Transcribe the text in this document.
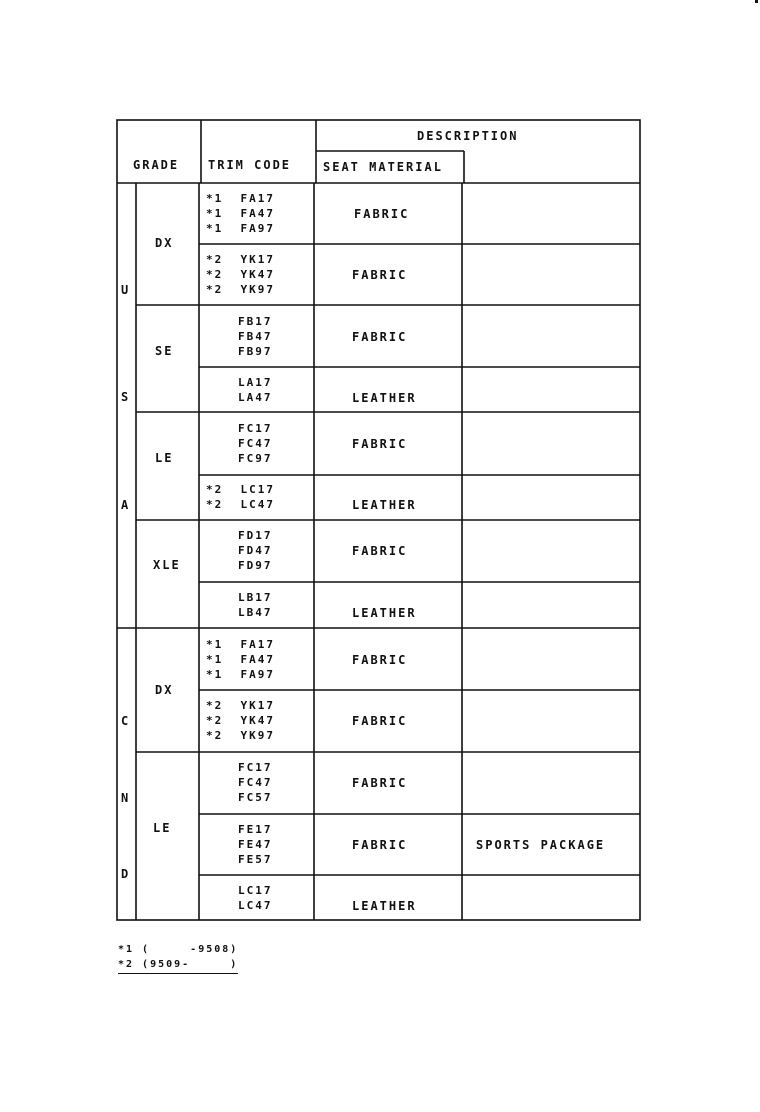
GRADE TRIM CODE
DESCRIPTION
SEAT MATERIAL
U
S
A
C
N
D
DX
SE
LE
XLE
DX
LE
*1  FA17
*1  FA47
*1  FA97
*2  YK17
*2  YK47
*2  YK97
FB17
FB47
FB97
LA17
LA47
FC17
FC47
FC97
*2  LC17
*2  LC47
FD17
FD47
FD97
LB17
LB47
*1  FA17
*1  FA47
*1  FA97
*2  YK17
*2  YK47
*2  YK97
FC17
FC47
FC57
FE17
FE47
FE57
LC17
LC47
FABRIC
FABRIC
FABRIC
LEATHER
FABRIC
LEATHER
FABRIC
LEATHER
FABRIC
FABRIC
FABRIC
FABRIC
LEATHER
SPORTS PACKAGE
*1 (     -9508)
*2 (9509-     )
